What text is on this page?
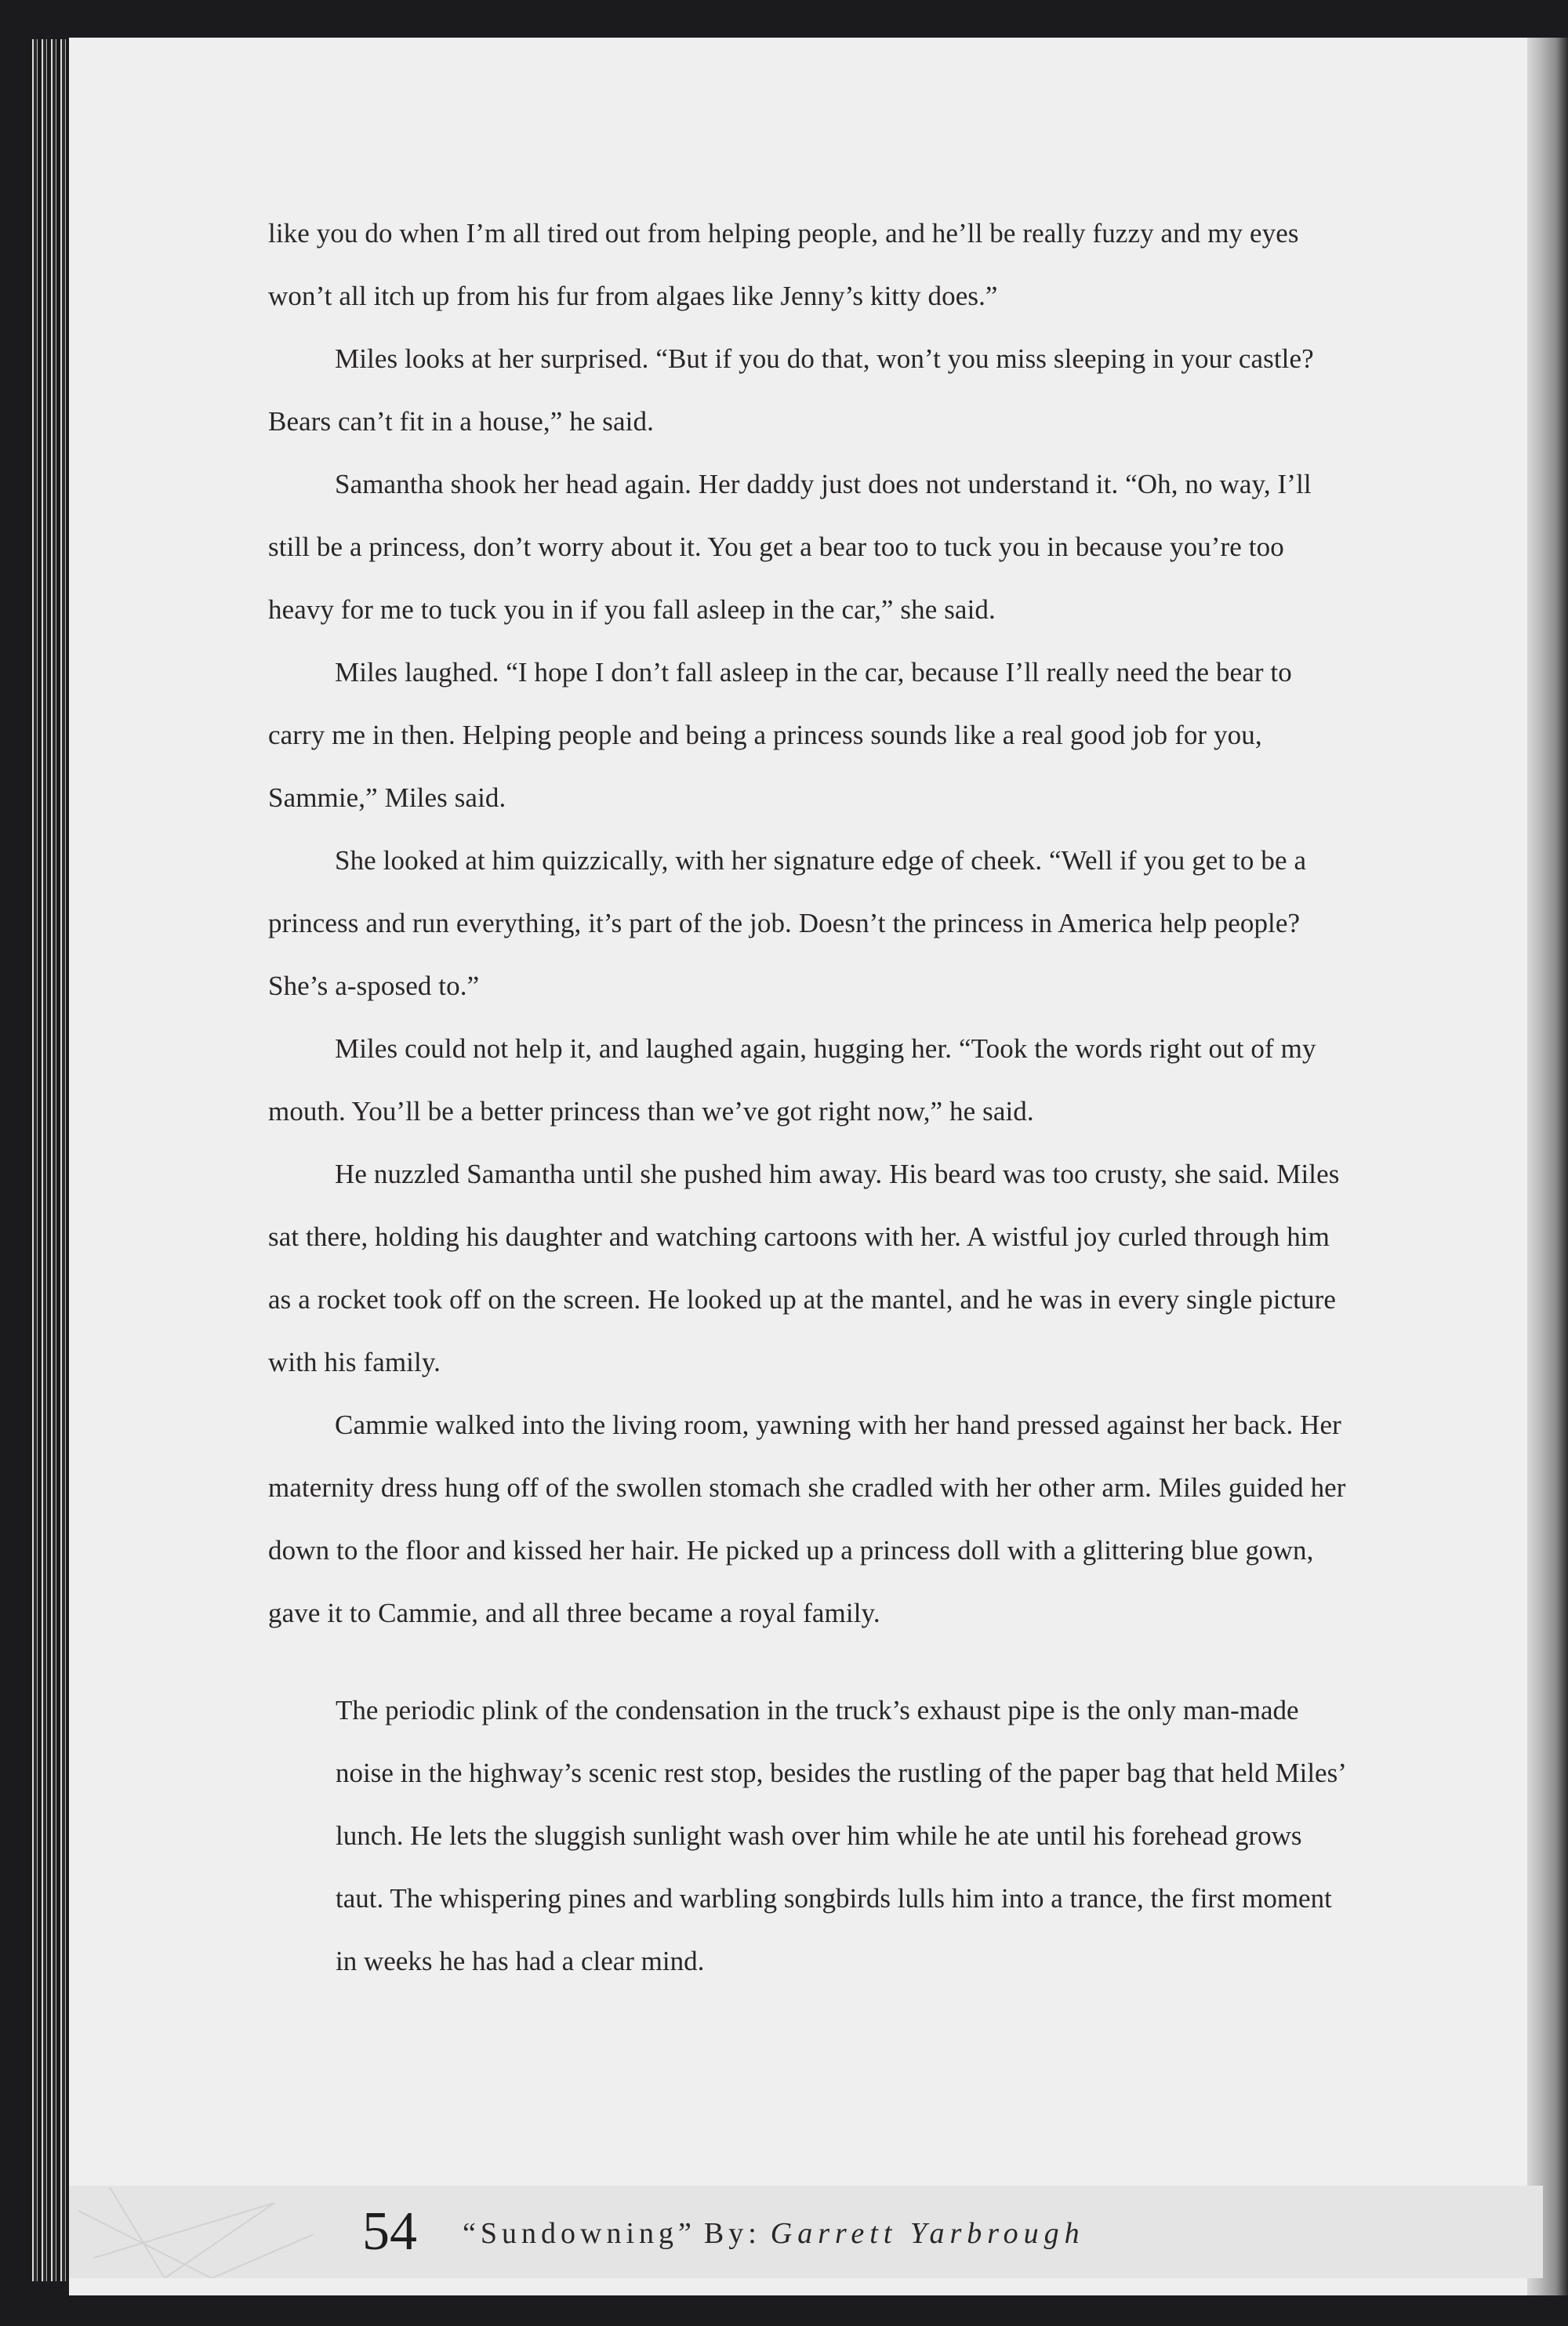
like you do when I’m all tired out from helping people, and he’ll be really fuzzy and my eyes won’t all itch up from his fur from algaes like Jenny’s kitty does.”

Miles looks at her surprised. “But if you do that, won’t you miss sleeping in your castle? Bears can’t fit in a house,” he said.

Samantha shook her head again. Her daddy just does not understand it. “Oh, no way, I’ll still be a princess, don’t worry about it. You get a bear too to tuck you in because you’re too heavy for me to tuck you in if you fall asleep in the car,” she said.

Miles laughed. “I hope I don’t fall asleep in the car, because I’ll really need the bear to carry me in then. Helping people and being a princess sounds like a real good job for you, Sammie,” Miles said.

She looked at him quizzically, with her signature edge of cheek. “Well if you get to be a princess and run everything, it’s part of the job. Doesn’t the princess in America help people? She’s a-sposed to.”

Miles could not help it, and laughed again, hugging her. “Took the words right out of my mouth. You’ll be a better princess than we’ve got right now,” he said.

He nuzzled Samantha until she pushed him away. His beard was too crusty, she said. Miles sat there, holding his daughter and watching cartoons with her. A wistful joy curled through him as a rocket took off on the screen. He looked up at the mantel, and he was in every single picture with his family.

Cammie walked into the living room, yawning with her hand pressed against her back. Her maternity dress hung off of the swollen stomach she cradled with her other arm. Miles guided her down to the floor and kissed her hair. He picked up a princess doll with a glittering blue gown, gave it to Cammie, and all three became a royal family.

The periodic plink of the condensation in the truck’s exhaust pipe is the only man-made noise in the highway’s scenic rest stop, besides the rustling of the paper bag that held Miles’ lunch. He lets the sluggish sunlight wash over him while he ate until his forehead grows taut. The whispering pines and warbling songbirds lulls him into a trance, the first moment in weeks he has had a clear mind.

54 “Sundowning” By: Garrett Yarbrough
